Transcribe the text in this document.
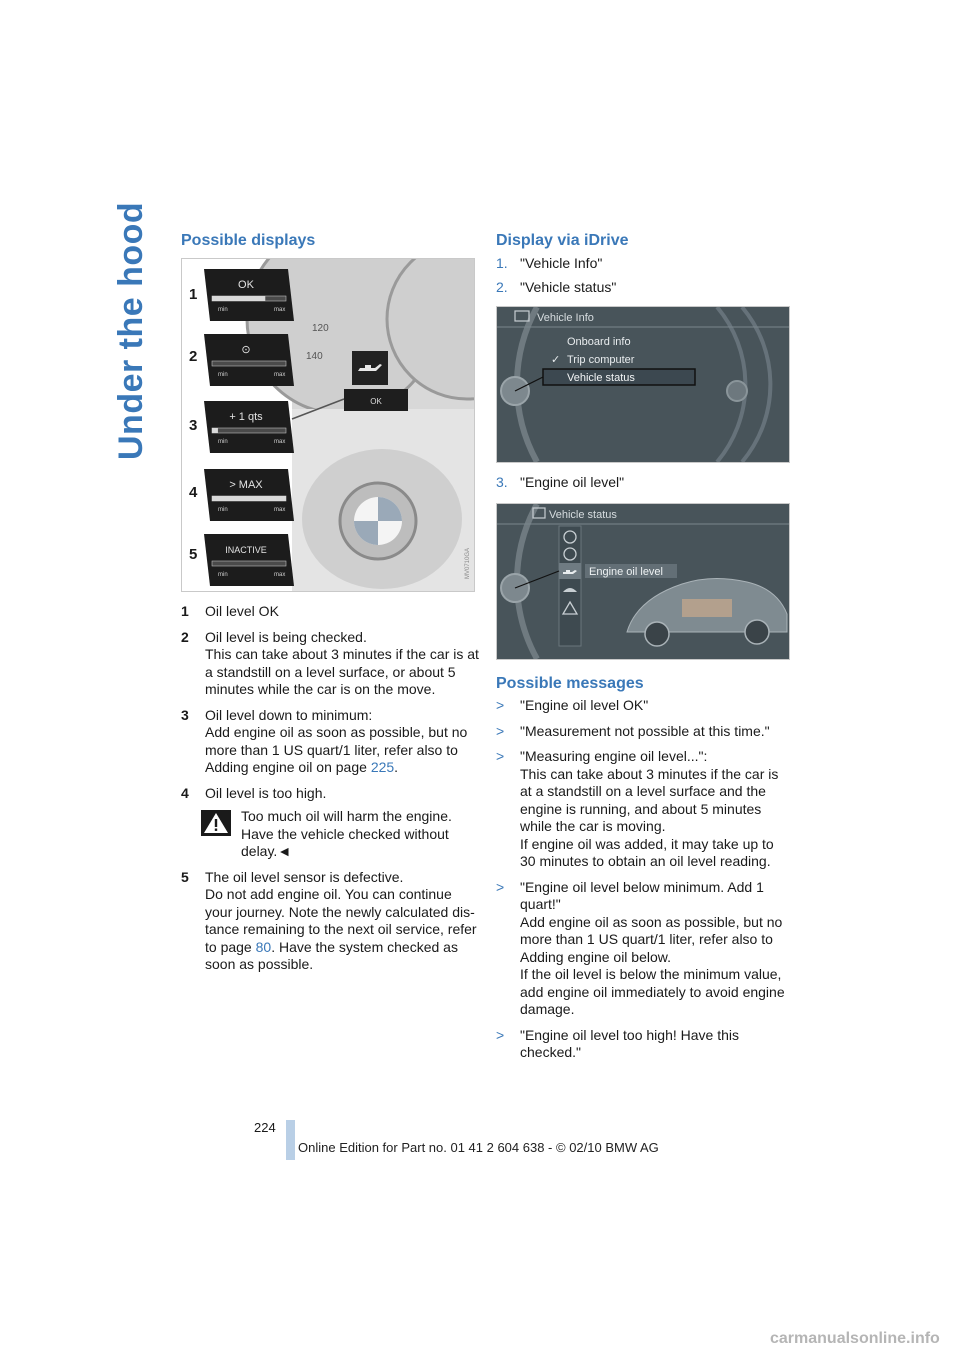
Under the hood Possible displays
120
140
OK
OK
min	max
⊙
min	max
+ 1 qts
min	max
> MAX
min	max
INACTIVE
min	max	MV0710GA
1
2
3
4
5
1 Oil level OK
2 Oil level is being checked.
This can take about 3 minutes if the car is at a standstill on a level surface, or about 5 minutes while the car is on the move.
3 Oil level down to minimum:
Add engine oil as soon as possible, but no more than 1 US quart/1 liter, refer also to Adding engine oil on page 225.
4 Oil level is too high.
Too much oil will harm the engine. Have the vehicle checked without delay.◄
5 The oil level sensor is defective.
Do not add engine oil. You can continue your journey. Note the newly calculated dis-tance remaining to the next oil service, refer to page 80. Have the system checked as soon as possible.
Display via iDrive
1. "Vehicle Info"
2. "Vehicle status"
Vehicle Info
Onboard info
✓ Trip computer
Vehicle status
3. "Engine oil level"
Vehicle status
Engine oil level
Possible messages
> "Engine oil level OK"
> "Measurement not possible at this time."
> "Measuring engine oil level...":
This can take about 3 minutes if the car is at a standstill on a level surface and the engine is running, and about 5 minutes while the car is moving.
If engine oil was added, it may take up to 30 minutes to obtain an oil level reading.
> "Engine oil level below minimum. Add 1 quart!"
Add engine oil as soon as possible, but no more than 1 US quart/1 liter, refer also to Adding engine oil below.
If the oil level is below the minimum value, add engine oil immediately to avoid engine damage.
> "Engine oil level too high! Have this checked."
224
Online Edition for Part no. 01 41 2 604 638 - © 02/10 BMW AG
carmanualsonline.info
